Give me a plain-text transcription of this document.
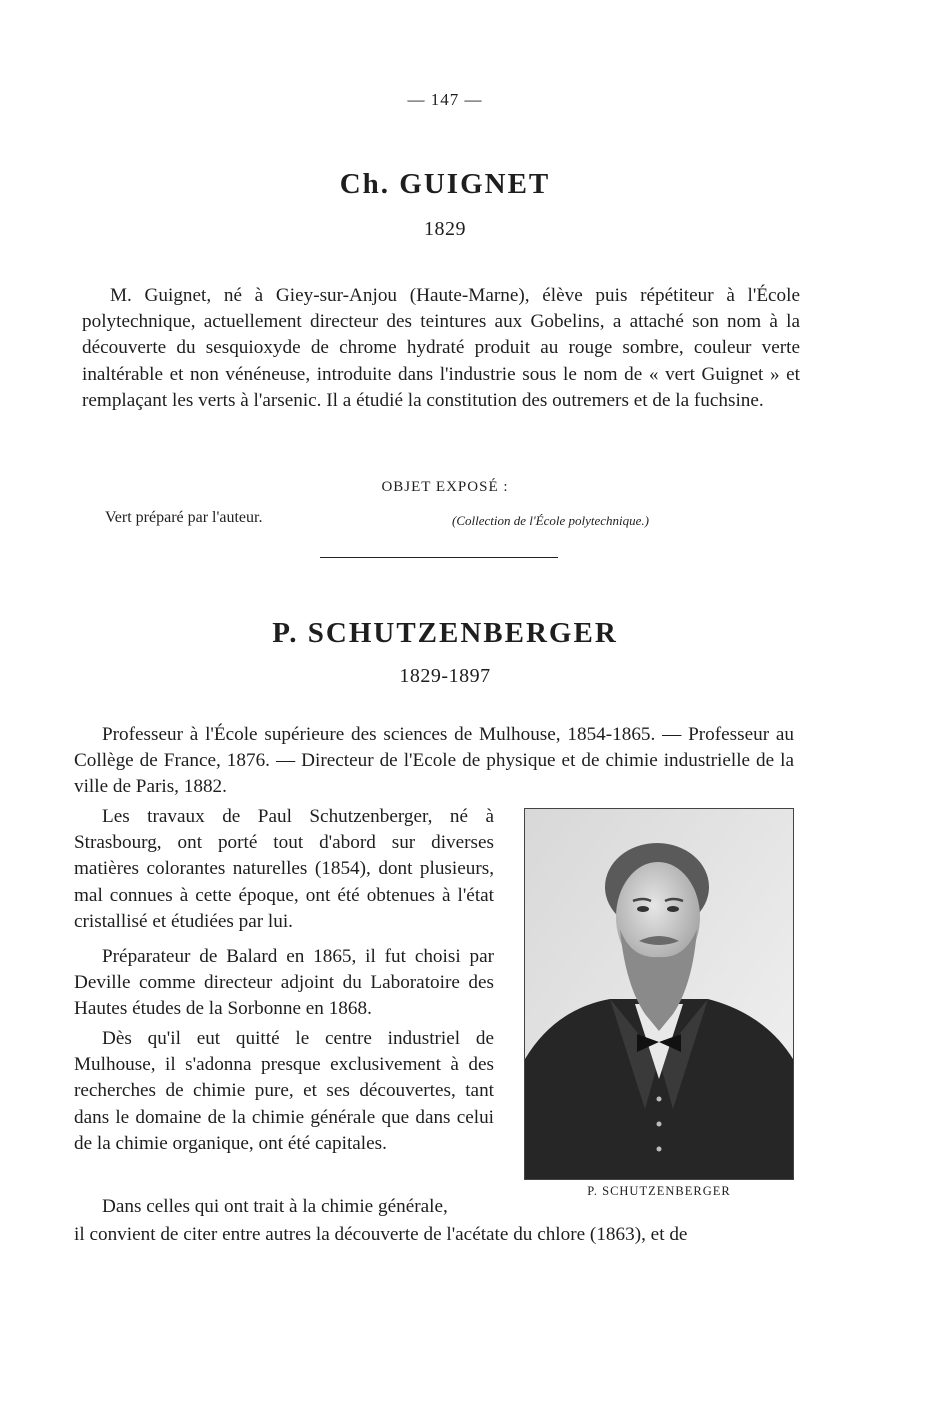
— 147 —
Ch. GUIGNET
1829

M. Guignet, né à Giey-sur-Anjou (Haute-Marne), élève puis répétiteur à l'École polytechnique, actuellement directeur des teintures aux Gobelins, a attaché son nom à la découverte du sesquioxyde de chrome hydraté produit au rouge sombre, couleur verte inaltérable et non vénéneuse, introduite dans l'industrie sous le nom de « vert Guignet » et remplaçant les verts à l'arsenic. Il a étudié la constitution des outremers et de la fuchsine.

OBJET EXPOSÉ :
Vert préparé par l'auteur.	(Collection de l'École polytechnique.)
P. SCHUTZENBERGER
1829-1897

Professeur à l'École supérieure des sciences de Mulhouse, 1854-1865. — Professeur au Collège de France, 1876. — Directeur de l'Ecole de physique et de chimie industrielle de la ville de Paris, 1882.

Les travaux de Paul Schutzenberger, né à Strasbourg, ont porté tout d'abord sur diverses matières colorantes naturelles (1854), dont plusieurs, mal connues à cette époque, ont été obtenues à l'état cristallisé et étudiées par lui.

Préparateur de Balard en 1865, il fut choisi par Deville comme directeur adjoint du Laboratoire des Hautes études de la Sorbonne en 1868.

Dès qu'il eut quitté le centre industriel de Mulhouse, il s'adonna presque exclusivement à des recherches de chimie pure, et ses découvertes, tant dans le domaine de la chimie générale que dans celui de la chimie organique, ont été capitales.

Dans celles qui ont trait à la chimie générale,

il convient de citer entre autres la découverte de l'acétate du chlore (1863), et de

P. SCHUTZENBERGER
